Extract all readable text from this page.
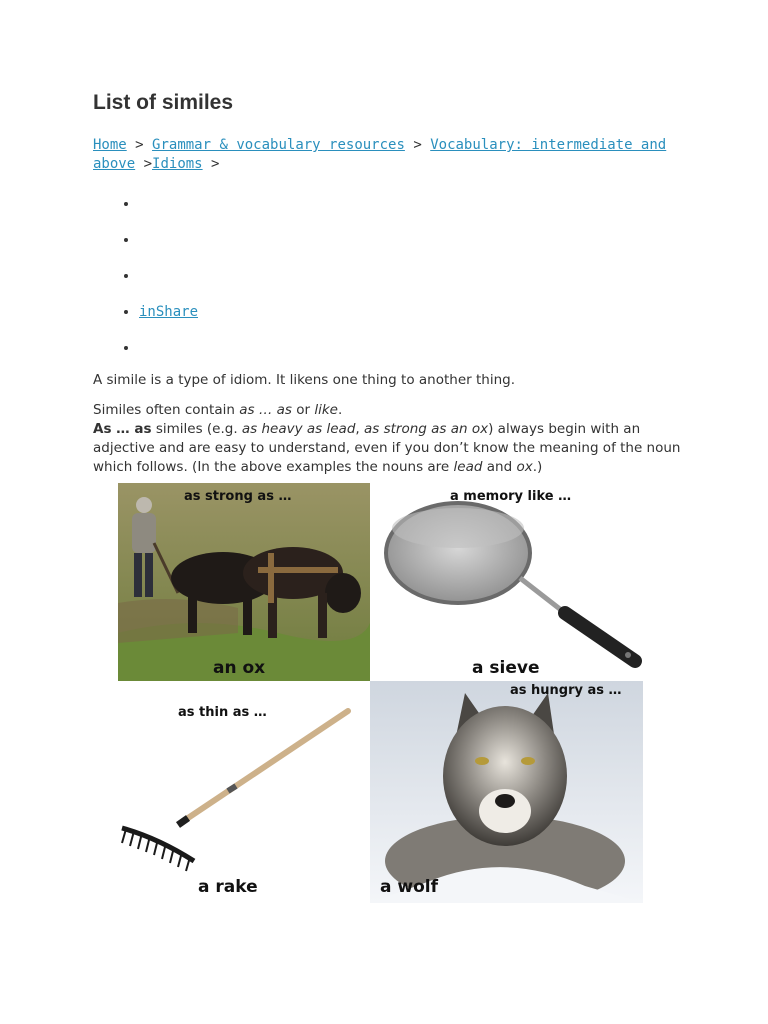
List of similes
Home > Grammar & vocabulary resources > Vocabulary: intermediate and above >Idioms >
•
•
•
• inShare
•

A simile is a type of idiom. It likens one thing to another thing.

Similes often contain as … as or like.
As … as similes (e.g. as heavy as lead, as strong as an ox) always begin with an adjective and are easy to understand, even if you don’t know the meaning of the noun which follows. (In the above examples the nouns are lead and ox.)

as strong as …
an ox
a memory like …
a sieve
as thin as …
a rake
as hungry as …
a wolf
